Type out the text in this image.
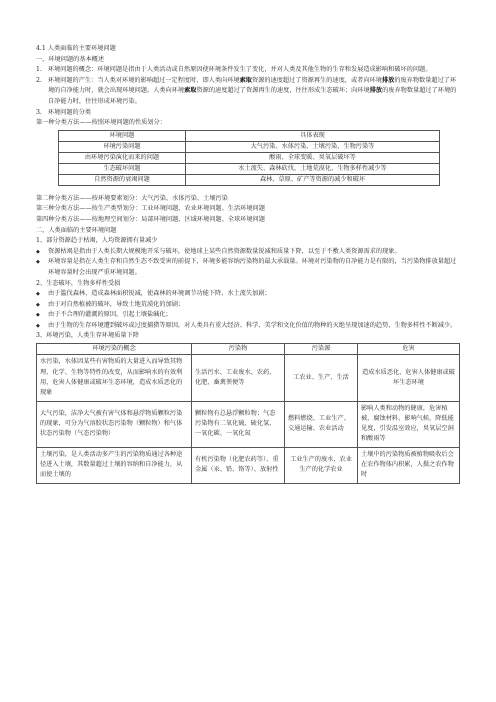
4.1 人类面临的主要环境问题

一，环境问题的基本概述

1. 环境问题的概念：环境问题是指由于人类活动或自然原因使环境条件发生了变化，并对人类及其他生物的生存和发展造成影响和破坏的问题。

2. 环境问题的产生：当人类对环境的影响超过一定程度时，即人类向环境索取资源的速度超过了资源再生的速度，或者向环境排放的废弃物数量超过了环境的自净能力时，就会出现环境问题。人类向环境索取资源的速度超过了资源再生的速度，往往形成生态破坏；向环境排放的废弃物数量超过了环境的自净能力时，往往形成环境污染。

3. 环境问题的分类

第一种分类方法——按照环境问题的性质划分：

环境问题	具体表现
环境污染问题	大气污染、水体污染、土壤污染、生物污染等
由环境污染演化而来的问题	酸雨、全球变暖、臭氧层破坏等
生态破坏问题	水土流失、森林砍伐、土地荒漠化、生物多样性减少等
自然资源的衰竭问题	森林、草原、矿产等资源的减少和破坏

第二种分类方法——按环境要素划分：大气污染、水体污染、土壤污染

第三种分类方法——按生产类型划分：工业环境问题、农业环境问题、生活环境问题

第四种分类方法——按地理空间划分：局部环境问题、区域环境问题、全球环境问题

二，人类面临的主要环境问题

1、部分资源趋于枯竭，人均资源拥有量减少

◆ 资源枯竭是指由于人类长期大规模地开采与破坏，使地球上某些自然资源数量锐减和质量下降，以至于不敷人类资源需求的现象。

◆ 环境容量是指在人类生存和自然生态不致受害的前提下，环境多能容纳污染物的最大承载量。环境对污染物的自净能力是有限的，当污染物排放量超过环境容量时会出现严重环境问题。

2、生态破坏，生物多样性受损

◆ 由于滥伐森林，造成森林面积锐减，使森林的环境调节功能下降，水土流失加剧；

◆ 由于对自然植被的破坏，导致土地荒漠化的加剧；

◆ 由于不合理的灌溉的原因，引起土壤盐碱化；

◆ 由于生物的生存环境遭到破坏或过度捕猎等原因，对人类具有重大经济、科学、美学和文化价值的物种的灭绝呈现加速的趋势，生物多样性不断减少。

3、环境污染，人类生存环境质量下降

环境污染的概念	污染物	污染源	危害
水污染，水体因某些有害物质的大量进入而导致其物理、化学、生物等特性的改变，从而影响水的有效利用，危害人体健康或破坏生态环境，造成水质恶化的现象	生活污水、工业废水、农药、化肥、畜禽粪便等	工农业、生产、生活	造成水质恶化、危害人体健康或破坏生态环境
大气污染，洁净大气被有害气体和悬浮物质颗粒污染的现象，可分为气溶胶状态污染物（颗粒物）和气体状态污染物（气态污染物）	颗粒物有总悬浮颗粒物；气态污染物有二氧化硫、硫化氢、一氧化碳、一氧化氮	燃料燃烧、工业生产、交通运输、农业活动	影响人类和动物的健康，危害植被，腐蚀材料，影响气候，降低能见度，引发温室效应，臭氧层空洞和酸雨等
土壤污染，是人类活动多产生的污染物质通过各种途径进入土壤，其数量超过土壤的容纳和自净能力，从而使土壤的	有机污染物（化肥农药等）、重金属（汞、铅、铬等）、放射性	工业生产的废水、农业生产的化学农业	土壤中的污染物质被植物吸收后会在农作物体内积累，人摄之农作物时
